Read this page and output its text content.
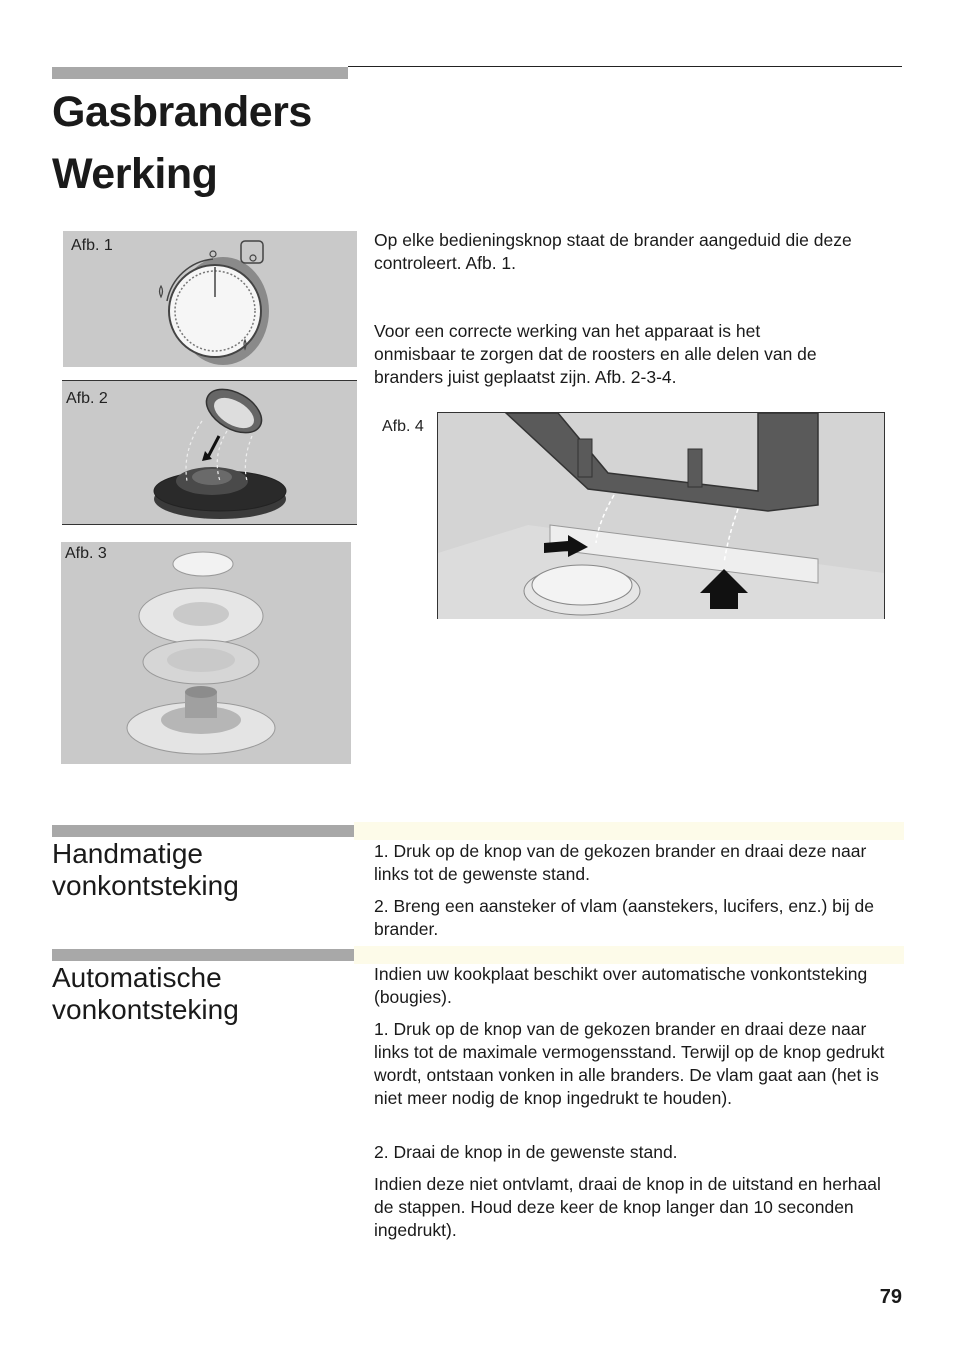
Gasbranders
Werking
Afb. 1
Afb. 2
Afb. 3

Op elke bedieningsknop staat de brander aangeduid die deze controleert. Afb. 1.

Voor een correcte werking van het apparaat is het onmisbaar te zorgen dat de roosters en alle delen van de branders juist geplaatst zijn. Afb. 2-3-4.

Afb. 4
Handmatige vonkontsteking

1. Druk op de knop van de gekozen brander en draai deze naar links tot de gewenste stand.

2. Breng een aansteker of vlam (aanstekers, lucifers, enz.) bij de brander.

Automatische vonkontsteking

Indien uw kookplaat beschikt over automatische vonkontsteking (bougies).

1. Druk op de knop van de gekozen brander en draai deze naar links tot de maximale vermogensstand. Terwijl op de knop gedrukt wordt, ontstaan vonken in alle branders. De vlam gaat aan (het is niet meer nodig de knop ingedrukt te houden).

2. Draai de knop in de gewenste stand.

Indien deze niet ontvlamt, draai de knop in de uitstand en herhaal de stappen. Houd deze keer de knop langer dan 10 seconden ingedrukt).

79
